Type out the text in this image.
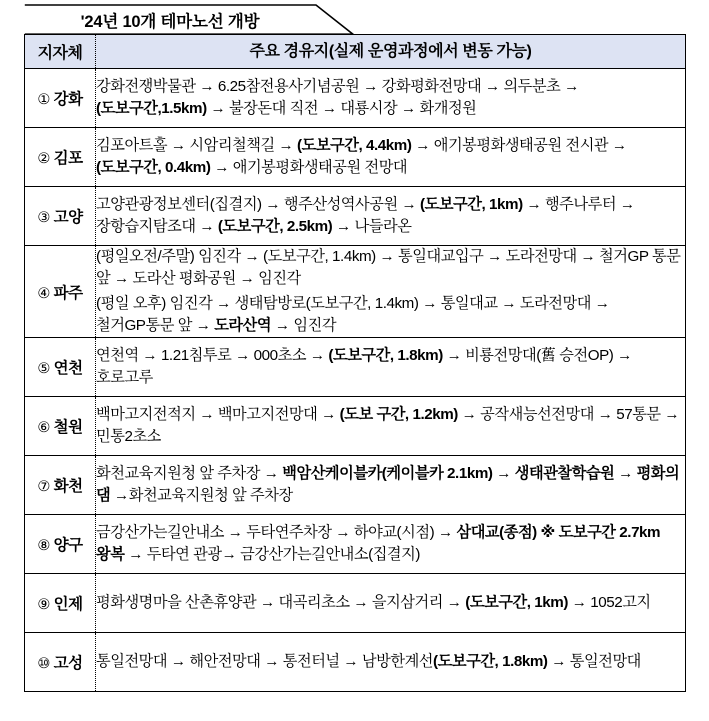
'24년 10개 테마노선 개방
지자체	주요 경유지(실제 운영과정에서 변동 가능)
① 강화	강화전쟁박물관 → 6.25참전용사기념공원 → 강화평화전망대 → 의두분초 → (도보구간,1.5km) → 불장돈대 직전 → 대룡시장 → 화개정원

② 김포	김포아트홀 → 시암리철책길 → (도보구간, 4.4km) → 애기봉평화생태공원 전시관 → (도보구간, 0.4km) → 애기봉평화생태공원 전망대

③ 고양	고양관광정보센터(집결지) → 행주산성역사공원 → (도보구간, 1km) → 행주나루터 → 장항습지탐조대 → (도보구간, 2.5km) → 나들라온

④ 파주	(평일오전/주말) 임진각 → (도보구간, 1.4km) → 통일대교입구 → 도라전망대 → 철거GP 통문 앞 → 도라산 평화공원 → 임진각

(평일 오후) 임진각 → 생태탐방로(도보구간, 1.4km) → 통일대교 → 도라전망대 → 철거GP통문 앞 → 도라산역 → 임진각

⑤ 연천	연천역 → 1.21침투로 → 000초소 → (도보구간, 1.8km) → 비룡전망대(舊 승전OP) → 호로고루

⑥ 철원	백마고지전적지 → 백마고지전망대 → (도보 구간, 1.2km) → 공작새능선전망대 → 57통문 → 민통2초소

⑦ 화천	화천교육지원청 앞 주차장 → 백암산케이블카(케이블카 2.1km) → 생태관찰학습원 → 평화의 댐 →화천교육지원청 앞 주차장

⑧ 양구	금강산가는길안내소 → 두타연주차장 → 하야교(시점) → 삼대교(종점) ※ 도보구간 2.7km 왕복 → 두타연 관광→ 금강산가는길안내소(집결지)

⑨ 인제	평화생명마을 산촌휴양관 → 대곡리초소 → 을지삼거리 → (도보구간, 1km) → 1052고지

⑩ 고성	통일전망대 → 해안전망대 → 통전터널 → 남방한계선(도보구간, 1.8km) → 통일전망대
